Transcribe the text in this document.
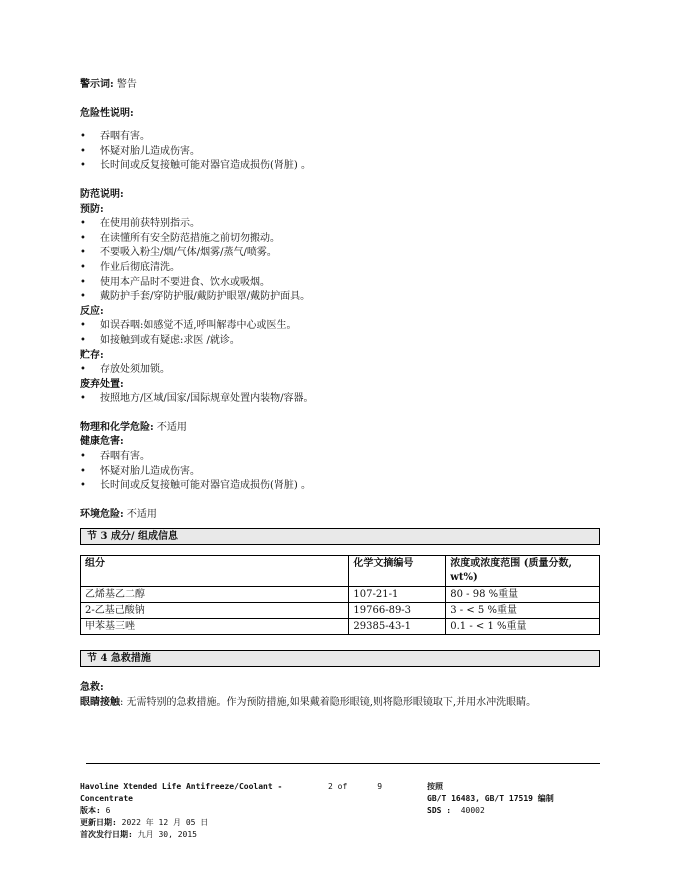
警示词: 警告
危险性说明:
• 吞咽有害。
• 怀疑对胎儿造成伤害。
• 长时间或反复接触可能对器官造成损伤(肾脏) 。
防范说明:
预防:
• 在使用前获特别指示。
• 在读懂所有安全防范措施之前切勿搬动。
• 不要吸入粉尘/烟/气体/烟雾/蒸气/喷雾。
• 作业后彻底清洗。
• 使用本产品时不要进食、饮水或吸烟。
• 戴防护手套/穿防护服/戴防护眼罩/戴防护面具。
反应:
• 如误吞咽:如感觉不适,呼叫解毒中心或医生。
• 如接触到或有疑虑:求医 /就诊。
贮存:
• 存放处须加锁。
废弃处置:
• 按照地方/区域/国家/国际规章处置内装物/容器。
物理和化学危险: 不适用
健康危害:
• 吞咽有害。
• 怀疑对胎儿造成伤害。
• 长时间或反复接触可能对器官造成损伤(肾脏) 。
环境危险: 不适用
节 3 成分/ 组成信息
组分	化学文摘编号	浓度或浓度范围 (质量分数, wt%)
乙烯基乙二醇	107-21-1	80 - 98 %重量
2-乙基己酸钠	19766-89-3	3 - < 5 %重量
甲苯基三唑	29385-43-1	0.1 - < 1 %重量
节 4 急救措施
急救:
眼睛接触: 无需特别的急救措施。作为预防措施,如果戴着隐形眼镜,则将隐形眼镜取下,并用水冲洗眼睛。
Havoline Xtended Life Antifreeze/Coolant -
Concentrate
版本: 6
更新日期: 2022 年 12 月 05 日
首次发行日期: 九月 30, 2015
2 of	9	按照
GB/T 16483, GB/T 17519 编制
SDS : 40002
